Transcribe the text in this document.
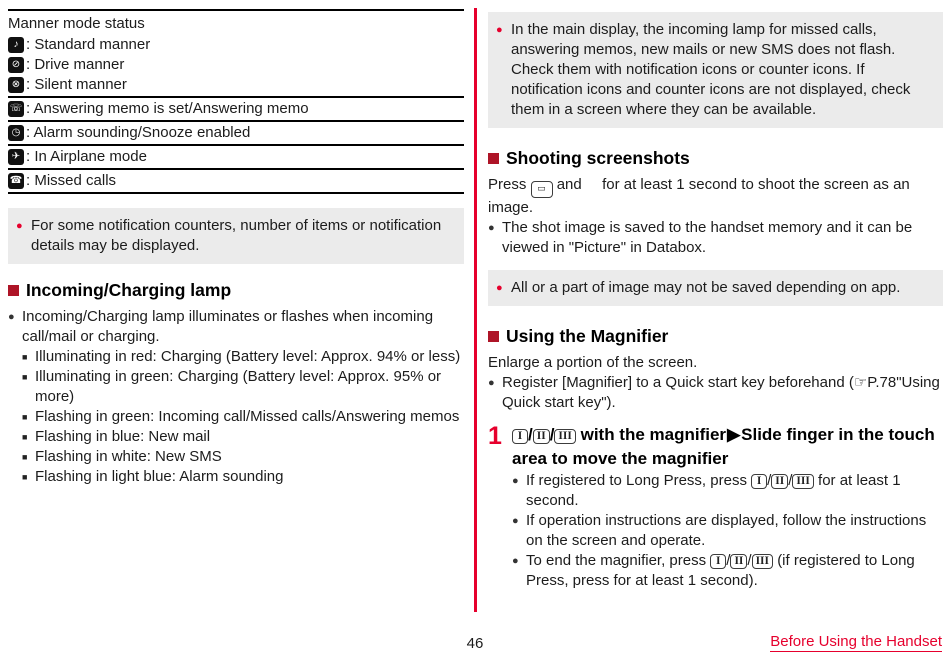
Manner mode status
♪ : Standard manner
⊘ : Drive manner
⊗ : Silent manner
☏ : Answering memo is set/Answering memo
◷ : Alarm sounding/Snooze enabled
✈ : In Airplane mode
☎ : Missed calls
● For some notification counters, number of items or notification details may be displayed.
Incoming/Charging lamp
● Incoming/Charging lamp illuminates or flashes when incoming call/mail or charging.
■ Illuminating in red: Charging (Battery level: Approx. 94% or less)
■ Illuminating in green: Charging (Battery level: Approx. 95% or more)
■ Flashing in green: Incoming call/Missed calls/Answering memos
■ Flashing in blue: New mail
■ Flashing in white: New SMS
■ Flashing in light blue: Alarm sounding
● In the main display, the incoming lamp for missed calls, answering memos, new mails or new SMS does not flash. Check them with notification icons or counter icons. If notification icons and counter icons are not displayed, check them in a screen where they can be available.
Shooting screenshots

Press ▭ and for at least 1 second to shoot the screen as an image.

● The shot image is saved to the handset memory and it can be viewed in "Picture" in Databox.
● All or a part of image may not be saved depending on app.
Using the Magnifier

Enlarge a portion of the screen.

● Register [Magnifier] to a Quick start key beforehand (☞P.78"Using Quick start key").
1	I / II / III with the magnifier▶Slide finger in the touch area to move the magnifier
● If registered to Long Press, press I / II / III for at least 1 second.
● If operation instructions are displayed, follow the instructions on the screen and operate.
● To end the magnifier, press I / II / III (if registered to Long Press, press for at least 1 second).
46	Before Using the Handset
